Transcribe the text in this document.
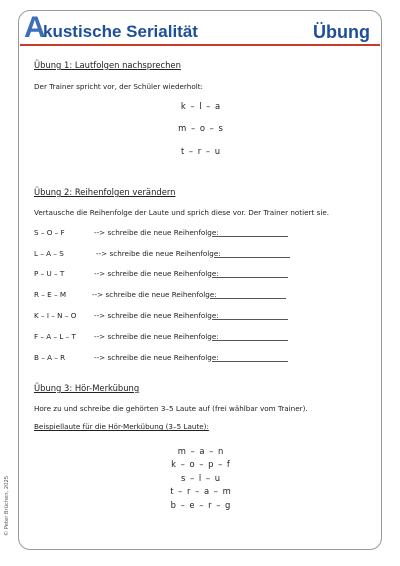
A
kustische Serialität	Übung
Übung 1: Lautfolgen nachsprechen
Der Trainer spricht vor, der Schüler wiederholt:
k – l – a
m – o – s
t – r – u
Übung 2: Reihenfolgen verändern
Vertausche die Reihenfolge der Laute und sprich diese vor. Der Trainer notiert sie.
S – O – F	--> schreibe die neue Reihenfolge:
L – A – S	--> schreibe die neue Reihenfolge:
P – U – T	--> schreibe die neue Reihenfolge:
R – E – M	--> schreibe die neue Reihenfolge:
K – I – N – O --> schreibe die neue Reihenfolge:
F – A – L – T	--> schreibe die neue Reihenfolge:
B – A – R	--> schreibe die neue Reihenfolge:
Übung 3: Hör-Merkübung
Hore zu und schreibe die gehörten 3–5 Laute auf (frei wählbar vom Trainer).
Beispiellaute für die Hör-Merkübung (3–5 Laute):
m – a – n
k – o – p – f
s – l – u
t – r – a – m
b – e – r – g
© Peter Brüchen, 2025
